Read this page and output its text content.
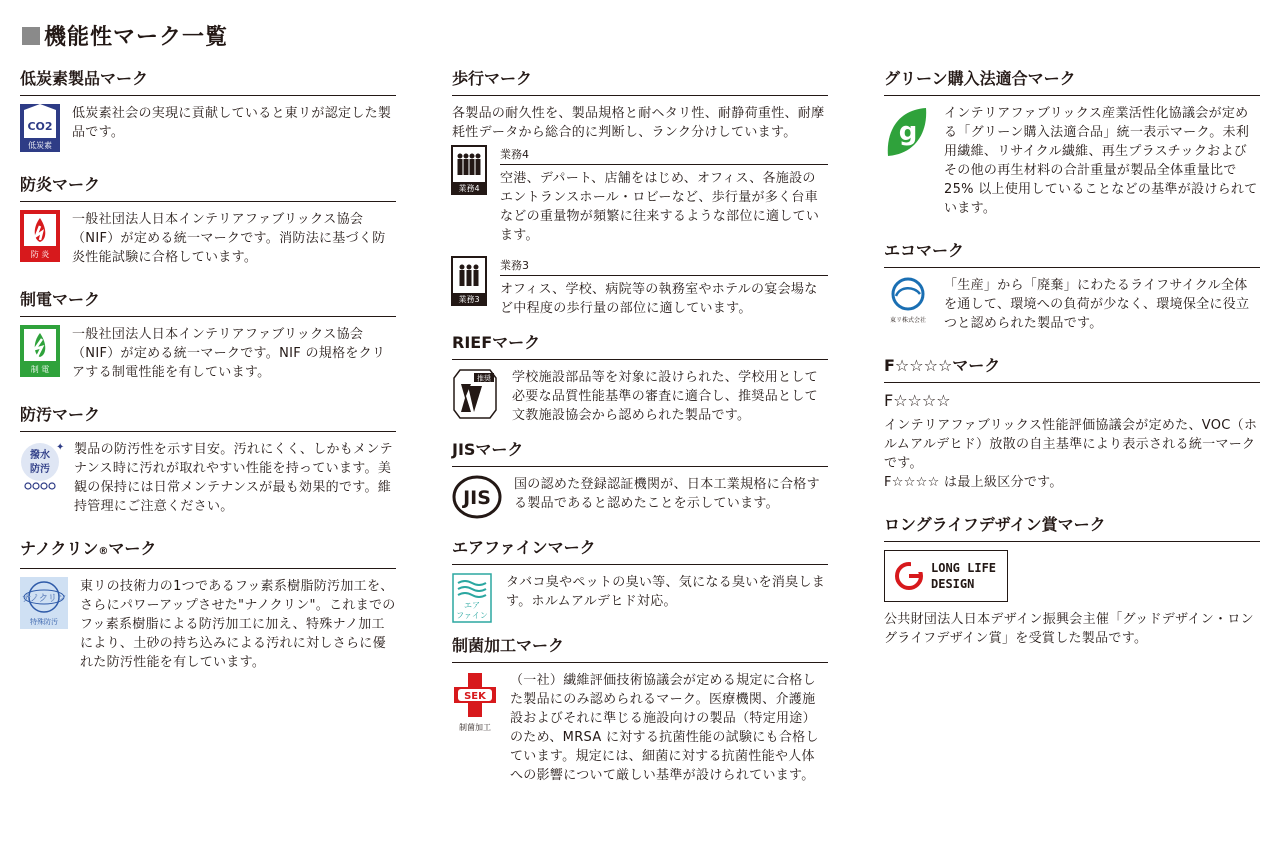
機能性マーク一覧
低炭素製品マーク
CO2
低炭素
低炭素社会の実現に貢献していると東リが認定した製品です。
防炎マーク
防 炎
一般社団法人日本インテリアファブリックス協会（NIF）が定める統一マークです。消防法に基づく防炎性能試験に合格しています。
制電マーク
制 電
一般社団法人日本インテリアファブリックス協会（NIF）が定める統一マークです。NIF の規格をクリアする制電性能を有しています。
防汚マーク
撥水
防汚
✦ 製品の防汚性を示す目安。汚れにくく、しかもメンテナンス時に汚れが取れやすい性能を持っています。美観の保持には日常メンテナンスが最も効果的です。維持管理にご注意ください。
ナノクリン®マーク
ナノクリン
特殊防汚
東リの技術力の1つであるフッ素系樹脂防汚加工を、さらにパワーアップさせた"ナノクリン"。これまでのフッ素系樹脂による防汚加工に加え、特殊ナノ加工により、土砂の持ち込みによる汚れに対しさらに優れた防汚性能を有しています。
歩行マーク
各製品の耐久性を、製品規格と耐ヘタリ性、耐静荷重性、耐摩耗性データから総合的に判断し、ランク分けしています。
業務4
業務4
空港、デパート、店舗をはじめ、オフィス、各施設のエントランスホール・ロビーなど、歩行量が多く台車などの重量物が頻繁に往来するような部位に適しています。
業務3
業務3
オフィス、学校、病院等の執務室やホテルの宴会場など中程度の歩行量の部位に適しています。
RIEFマーク
推奨 学校施設部品等を対象に設けられた、学校用として必要な品質性能基準の審査に適合し、推奨品として文教施設協会から認められた製品です。
JISマーク
JIS
国の認めた登録認証機関が、日本工業規格に合格する製品であると認めたことを示しています。
エアファインマーク
エア
ファイン
タバコ臭やペットの臭い等、気になる臭いを消臭します。ホルムアルデヒド対応。
制菌加工マーク
SEK
制菌加工
（一社）繊維評価技術協議会が定める規定に合格した製品にのみ認められるマーク。医療機関、介護施設およびそれに準じる施設向けの製品（特定用途）のため、MRSA に対する抗菌性能の試験にも合格しています。規定には、細菌に対する抗菌性能や人体への影響について厳しい基準が設けられています。
グリーン購入法適合マーク
g
インテリアファブリックス産業活性化協議会が定める「グリーン購入法適合品」統一表示マーク。未利用繊維、リサイクル繊維、再生プラスチックおよびその他の再生材料の合計重量が製品全体重量比で 25% 以上使用していることなどの基準が設けられています。
エコマーク
東リ株式会社
「生産」から「廃棄」にわたるライフサイクル全体を通して、環境への負荷が少なく、環境保全に役立つと認められた製品です。
F☆☆☆☆マーク
F☆☆☆☆
インテリアファブリックス性能評価協議会が定めた、VOC（ホルムアルデヒド）放散の自主基準により表示される統一マークです。
F☆☆☆☆ は最上級区分です。
ロングライフデザイン賞マーク
LONG LIFE
DESIGN
公共財団法人日本デザイン振興会主催「グッドデザイン・ロングライフデザイン賞」を受賞した製品です。
